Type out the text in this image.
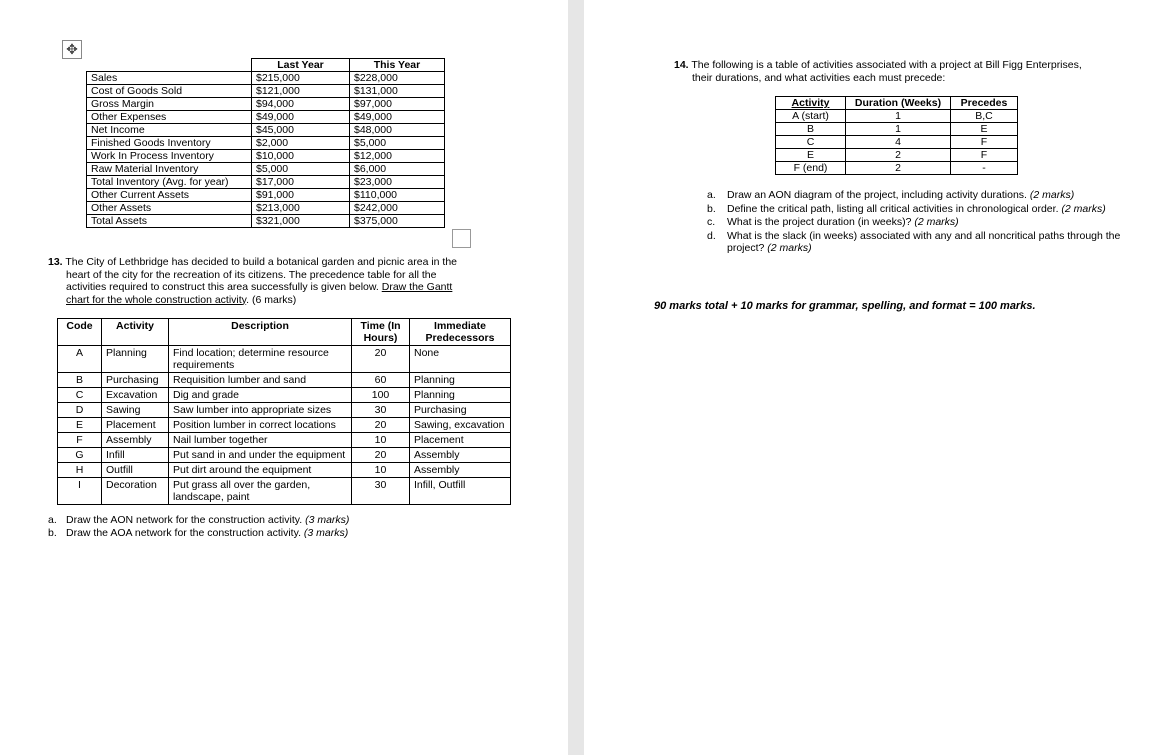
✥
	Last Year	This Year
Sales	$215,000	$228,000
Cost of Goods Sold	$121,000	$131,000
Gross Margin	$94,000	$97,000
Other Expenses	$49,000	$49,000
Net Income	$45,000	$48,000
Finished Goods Inventory	$2,000	$5,000
Work In Process Inventory	$10,000	$12,000
Raw Material Inventory	$5,000	$6,000
Total Inventory (Avg. for year)	$17,000	$23,000
Other Current Assets	$91,000	$110,000
Other Assets	$213,000	$242,000
Total Assets	$321,000	$375,000
13. The City of Lethbridge has decided to build a botanical garden and picnic area in the
heart of the city for the recreation of its citizens. The precedence table for all the
activities required to construct this area successfully is given below. Draw the Gantt
chart for the whole construction activity. (6 marks)
Code	Activity	Description	Time (In Hours)	Immediate Predecessors
A	Planning	Find location; determine resource requirements	20	None
B	Purchasing	Requisition lumber and sand	60	Planning
C	Excavation	Dig and grade	100	Planning
D	Sawing	Saw lumber into appropriate sizes	30	Purchasing
E	Placement	Position lumber in correct locations	20	Sawing, excavation
F	Assembly	Nail lumber together	10	Placement
G	Infill	Put sand in and under the equipment	20	Assembly
H	Outfill	Put dirt around the equipment	10	Assembly
I	Decoration	Put grass all over the garden, landscape, paint	30	Infill, Outfill
a. Draw the AON network for the construction activity. (3 marks)
b. Draw the AOA network for the construction activity. (3 marks)
14. The following is a table of activities associated with a project at Bill Figg Enterprises,
their durations, and what activities each must precede:
Activity	Duration (Weeks)	Precedes
A (start)	1	B,C
B	1	E
C	4	F
E	2	F
F (end)	2	-
a.	Draw an AON diagram of the project, including activity durations. (2 marks)
b.	Define the critical path, listing all critical activities in chronological order. (2 marks)
c.	What is the project duration (in weeks)? (2 marks)
d.	What is the slack (in weeks) associated with any and all noncritical paths through the project? (2 marks)
90 marks total + 10 marks for grammar, spelling, and format = 100 marks.
